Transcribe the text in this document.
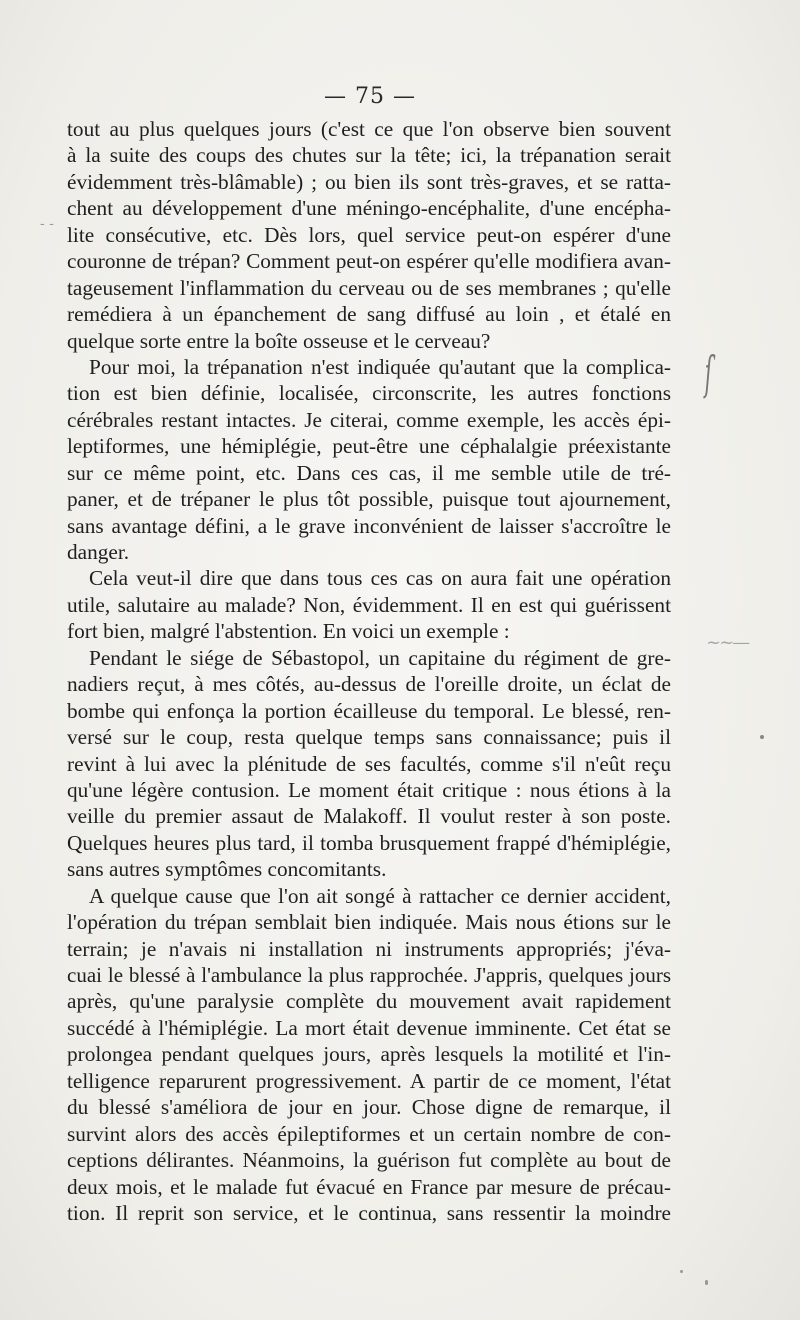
— 75 —
tout au plus quelques jours (c'est ce que l'on observe bien souvent
à la suite des coups des chutes sur la tête; ici, la trépanation serait
évidemment très-blâmable) ; ou bien ils sont très-graves, et se ratta-
chent au développement d'une méningo-encéphalite, d'une encépha-
lite consécutive, etc. Dès lors, quel service peut-on espérer d'une
couronne de trépan? Comment peut-on espérer qu'elle modifiera avan-
tageusement l'inflammation du cerveau ou de ses membranes ; qu'elle
remédiera à un épanchement de sang diffusé au loin , et étalé en
quelque sorte entre la boîte osseuse et le cerveau?
Pour moi, la trépanation n'est indiquée qu'autant que la complica-
tion est bien définie, localisée, circonscrite, les autres fonctions
cérébrales restant intactes. Je citerai, comme exemple, les accès épi-
leptiformes, une hémiplégie, peut-être une céphalalgie préexistante
sur ce même point, etc. Dans ces cas, il me semble utile de tré-
paner, et de trépaner le plus tôt possible, puisque tout ajournement,
sans avantage défini, a le grave inconvénient de laisser s'accroître le
danger.
Cela veut-il dire que dans tous ces cas on aura fait une opération
utile, salutaire au malade? Non, évidemment. Il en est qui guérissent
fort bien, malgré l'abstention. En voici un exemple :
Pendant le siége de Sébastopol, un capitaine du régiment de gre-
nadiers reçut, à mes côtés, au-dessus de l'oreille droite, un éclat de
bombe qui enfonça la portion écailleuse du temporal. Le blessé, ren-
versé sur le coup, resta quelque temps sans connaissance; puis il
revint à lui avec la plénitude de ses facultés, comme s'il n'eût reçu
qu'une légère contusion. Le moment était critique : nous étions à la
veille du premier assaut de Malakoff. Il voulut rester à son poste.
Quelques heures plus tard, il tomba brusquement frappé d'hémiplégie,
sans autres symptômes concomitants.
A quelque cause que l'on ait songé à rattacher ce dernier accident,
l'opération du trépan semblait bien indiquée. Mais nous étions sur le
terrain; je n'avais ni installation ni instruments appropriés; j'éva-
cuai le blessé à l'ambulance la plus rapprochée. J'appris, quelques jours
après, qu'une paralysie complète du mouvement avait rapidement
succédé à l'hémiplégie. La mort était devenue imminente. Cet état se
prolongea pendant quelques jours, après lesquels la motilité et l'in-
telligence reparurent progressivement. A partir de ce moment, l'état
du blessé s'améliora de jour en jour. Chose digne de remarque, il
survint alors des accès épileptiformes et un certain nombre de con-
ceptions délirantes. Néanmoins, la guérison fut complète au bout de
deux mois, et le malade fut évacué en France par mesure de précau-
tion. Il reprit son service, et le continua, sans ressentir la moindre
ſ
~~—
- -
